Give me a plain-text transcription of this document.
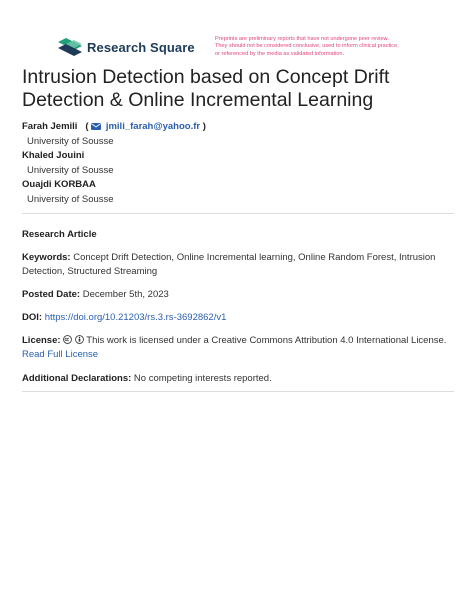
Research Square
Preprints are preliminary reports that have not undergone peer review.
They should not be considered conclusive, used to inform clinical practice,
or referenced by the media as validated information.
Intrusion Detection based on Concept Drift
Detection & Online Incremental Learning
Farah Jemili   ( jmili_farah@yahoo.fr )
University of Sousse
Khaled Jouini
University of Sousse
Ouajdi KORBAA
University of Sousse
Research Article
Keywords: Concept Drift Detection, Online Incremental learning, Online Random Forest, Intrusion
Detection, Structured Streaming
Posted Date: December 5th, 2023
DOI: https://doi.org/10.21203/rs.3.rs-3692862/v1
License:	This work is licensed under a Creative Commons Attribution 4.0 International License.
Read Full License
Additional Declarations: No competing interests reported.
